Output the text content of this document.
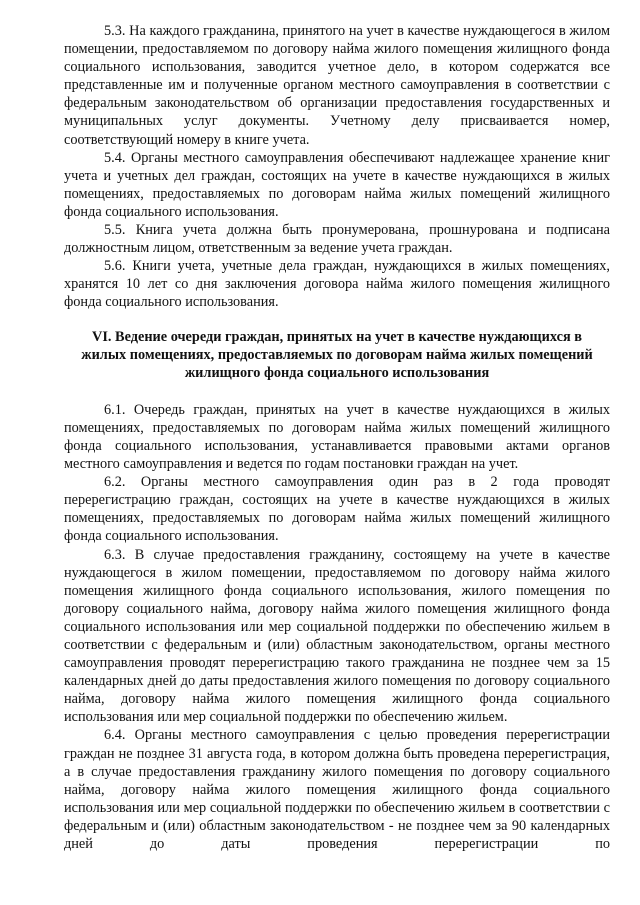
5.3. На каждого гражданина, принятого на учет в качестве нуждающегося в жилом помещении, предоставляемом по договору найма жилого помещения жилищного фонда социального использования, заводится учетное дело, в котором содержатся все представленные им и полученные органом местного самоуправления в соответствии с федеральным законодательством об организации предоставления государственных и муниципальных услуг документы. Учетному делу присваивается номер, соответствующий номеру в книге учета.

5.4. Органы местного самоуправления обеспечивают надлежащее хранение книг учета и учетных дел граждан, состоящих на учете в качестве нуждающихся в жилых помещениях, предоставляемых по договорам найма жилых помещений жилищного фонда социального использования.

5.5. Книга учета должна быть пронумерована, прошнурована и подписана должностным лицом, ответственным за ведение учета граждан.

5.6. Книги учета, учетные дела граждан, нуждающихся в жилых помещениях, хранятся 10 лет со дня заключения договора найма жилого помещения жилищного фонда социального использования.

VI. Ведение очереди граждан, принятых на учет в качестве нуждающихся в жилых помещениях, предоставляемых по договорам найма жилых помещений жилищного фонда социального использования

6.1. Очередь граждан, принятых на учет в качестве нуждающихся в жилых помещениях, предоставляемых по договорам найма жилых помещений жилищного фонда социального использования, устанавливается правовыми актами органов местного самоуправления и ведется по годам постановки граждан на учет.

6.2. Органы местного самоуправления один раз в 2 года проводят перерегистрацию граждан, состоящих на учете в качестве нуждающихся в жилых помещениях, предоставляемых по договорам найма жилых помещений жилищного фонда социального использования.

6.3. В случае предоставления гражданину, состоящему на учете в качестве нуждающегося в жилом помещении, предоставляемом по договору найма жилого помещения жилищного фонда социального использования, жилого помещения по договору социального найма, договору найма жилого помещения жилищного фонда социального использования или мер социальной поддержки по обеспечению жильем в соответствии с федеральным и (или) областным законодательством, органы местного самоуправления проводят перерегистрацию такого гражданина не позднее чем за 15 календарных дней до даты предоставления жилого помещения по договору социального найма, договору найма жилого помещения жилищного фонда социального использования или мер социальной поддержки по обеспечению жильем.

6.4. Органы местного самоуправления с целью проведения перерегистрации граждан не позднее 31 августа года, в котором должна быть проведена перерегистрация, а в случае предоставления гражданину жилого помещения по договору социального найма, договору найма жилого помещения жилищного фонда социального использования или мер социальной поддержки по обеспечению жильем в соответствии с федеральным и (или) областным законодательством - не позднее чем за 90 календарных дней до даты проведения перерегистрации по
